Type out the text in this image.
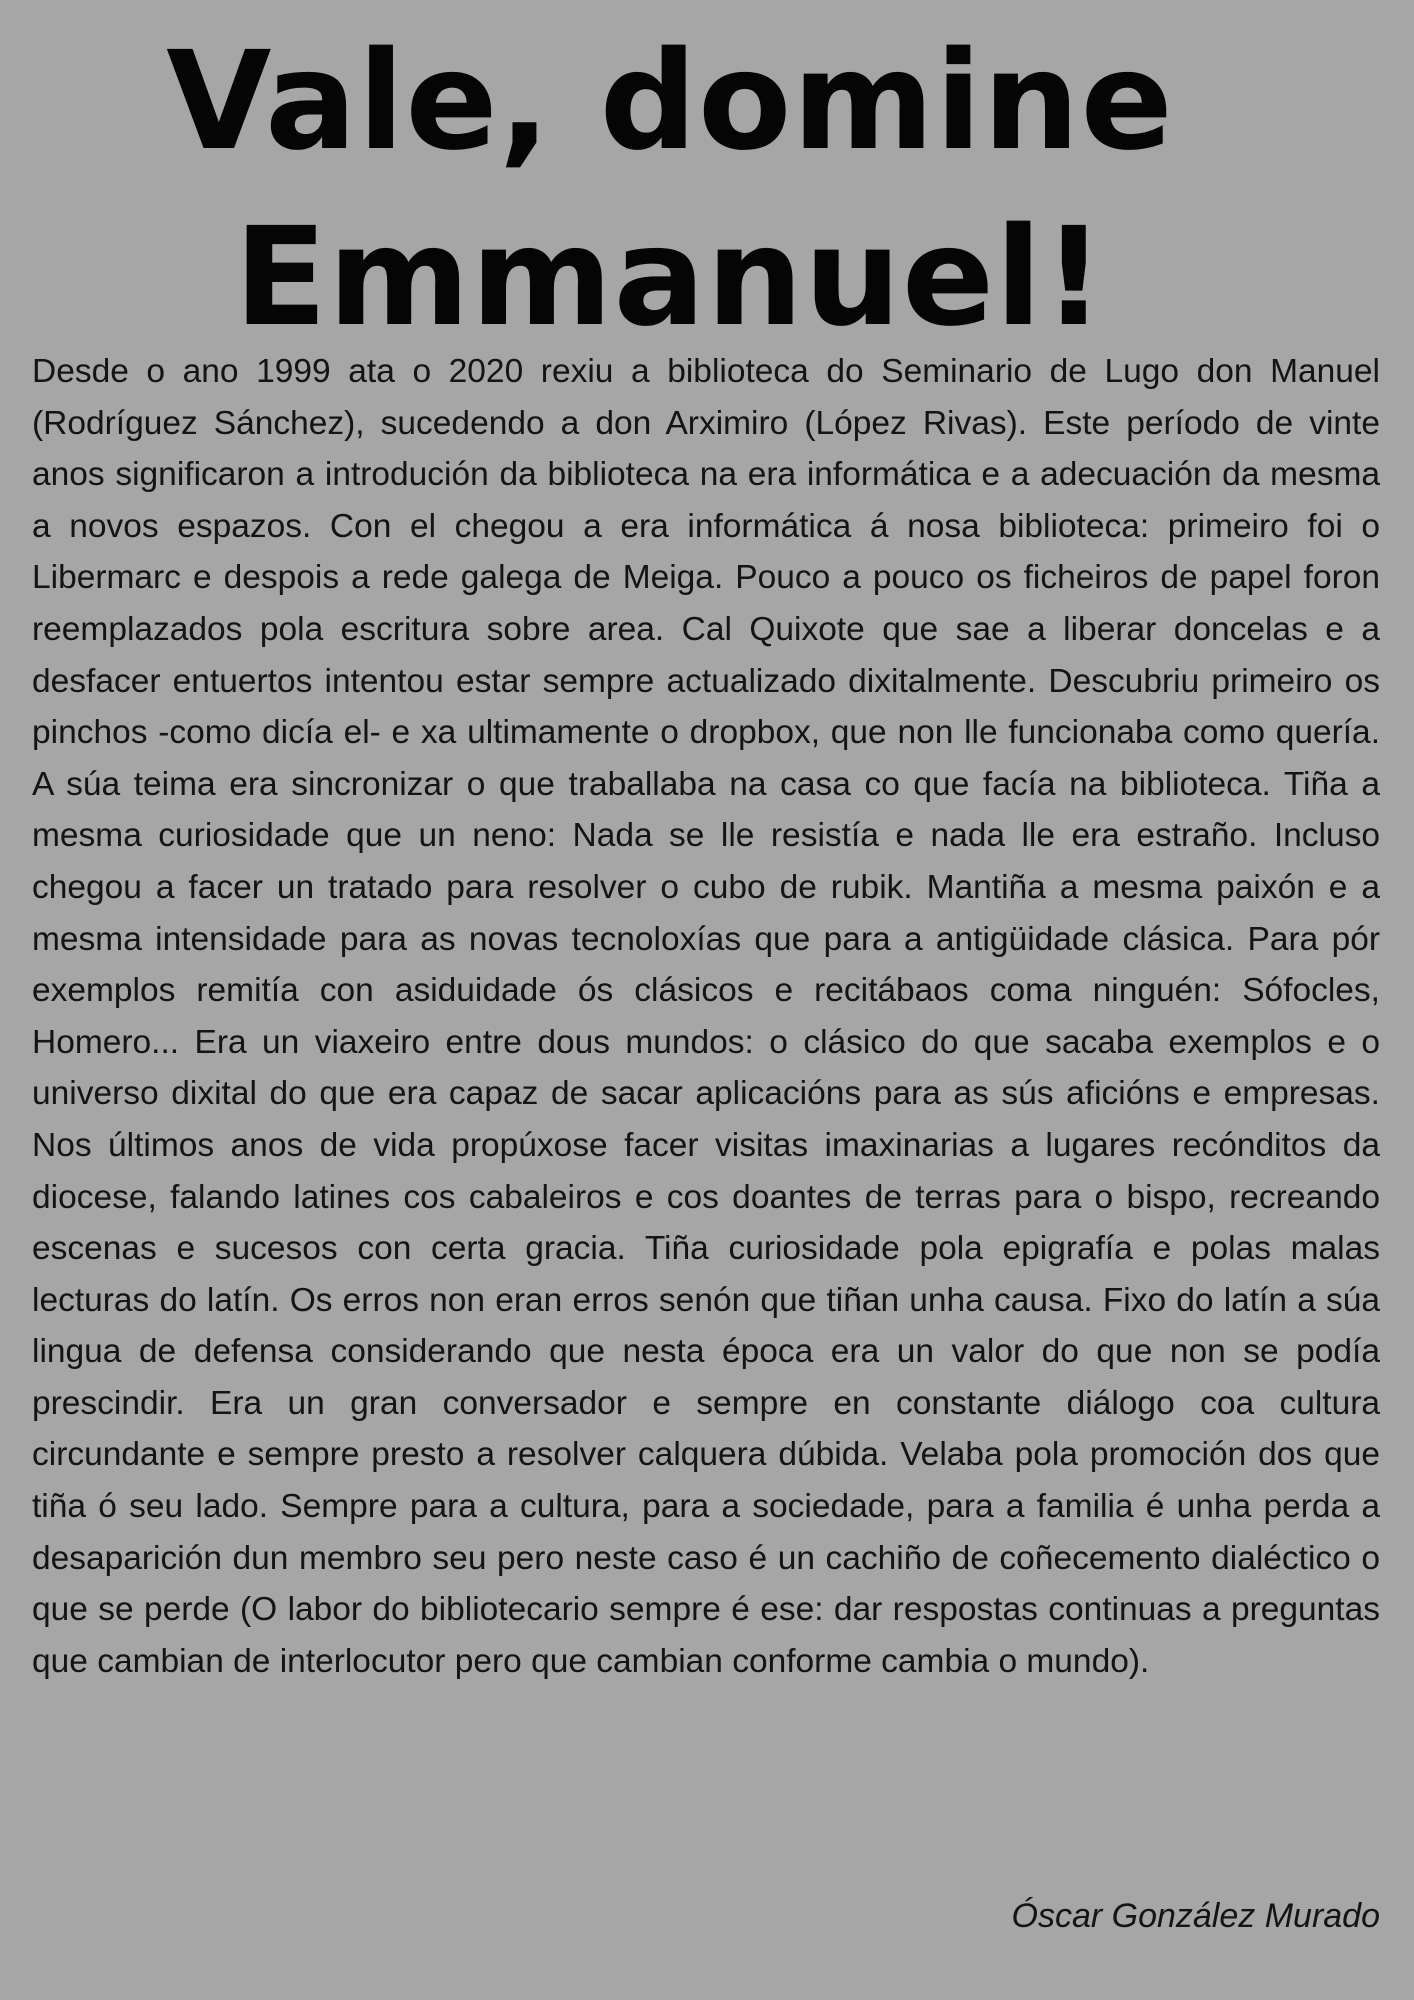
Vale, domine
Emmanuel!

Desde o ano 1999 ata o 2020 rexiu a biblioteca do Seminario de Lugo don Manuel (Rodríguez Sánchez), sucedendo a don Arximiro (López Rivas). Este período de vinte anos significaron a introdución da biblioteca na era informática e a adecuación da mesma a novos espazos. Con el chegou a era informática á nosa biblioteca: primeiro foi o Libermarc e despois a rede galega de Meiga. Pouco a pouco os ficheiros de papel foron reemplazados pola escritura sobre area. Cal Quixote que sae a liberar doncelas e a desfacer entuertos intentou estar sempre actualizado dixitalmente. Descubriu primeiro os pinchos -como dicía el- e xa ultimamente o dropbox, que non lle funcionaba como quería. A súa teima era sincronizar o que traballaba na casa co que facía na biblioteca. Tiña a mesma curiosidade que un neno: Nada se lle resistía e nada lle era estraño. Incluso chegou a facer un tratado para resolver o cubo de rubik. Mantiña a mesma paixón e a mesma intensidade para as novas tecnoloxías que para a antigüidade clásica. Para pór exemplos remitía con asiduidade ós clásicos e recitábaos coma ninguén: Sófocles, Homero... Era un viaxeiro entre dous mundos: o clásico do que sacaba exemplos e o universo dixital do que era capaz de sacar aplicacións para as sús aficións e empresas. Nos últimos anos de vida propúxose facer visitas imaxinarias a lugares recónditos da diocese, falando latines cos cabaleiros e cos doantes de terras para o bispo, recreando escenas e sucesos con certa gracia. Tiña curiosidade pola epigrafía e polas malas lecturas do latín. Os erros non eran erros senón que tiñan unha causa. Fixo do latín a súa lingua de defensa considerando que nesta época era un valor do que non se podía prescindir. Era un gran conversador e sempre en constante diálogo coa cultura circundante e sempre presto a resolver calquera dúbida. Velaba pola promoción dos que tiña ó seu lado. Sempre para a cultura, para a sociedade, para a familia é unha perda a desaparición dun membro seu pero neste caso é un cachiño de coñecemento dialéctico o que se perde (O labor do bibliotecario sempre é ese: dar respostas continuas a preguntas que cambian de interlocutor pero que cambian conforme cambia o mundo).

Óscar González Murado
